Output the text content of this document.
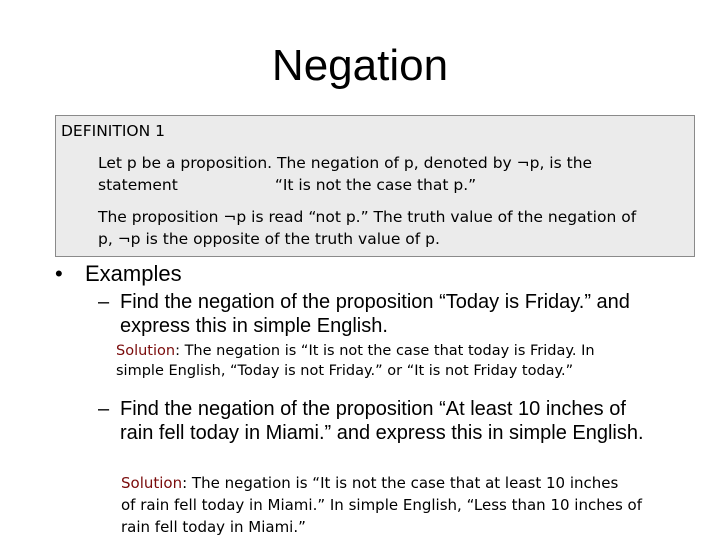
Negation
DEFINITION 1
Let p be a proposition. The negation of p, denoted by ¬p, is the
statement	“It is not the case that p.”
The proposition ¬p is read “not p.” The truth value of the negation of
p, ¬p is the opposite of the truth value of p.
• Examples
– Find the negation of the proposition “Today is Friday.” and
express this in simple English.
Solution: The negation is “It is not the case that today is Friday. In
simple English, “Today is not Friday.” or “It is not Friday today.”
– Find the negation of the proposition “At least 10 inches of
rain fell today in Miami.” and express this in simple English.
Solution: The negation is “It is not the case that at least 10 inches
of rain fell today in Miami.” In simple English, “Less than 10 inches of
rain fell today in Miami.”
